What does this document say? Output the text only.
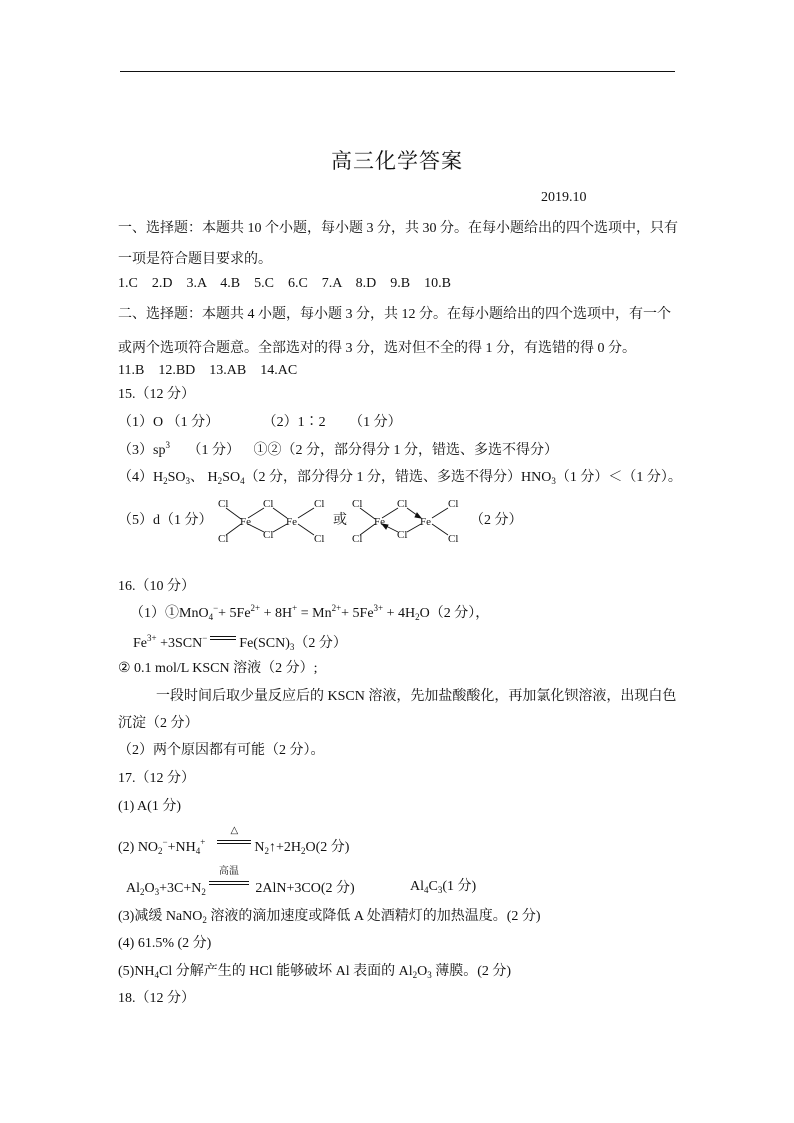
高三化学答案
2019.10
一、选择题：本题共 10 个小题，每小题 3 分，共 30 分。在每小题给出的四个选项中，只有
一项是符合题目要求的。
1.C    2.D    3.A    4.B    5.C    6.C    7.A    8.D    9.B    10.B
二、选择题：本题共 4 小题，每小题 3 分，共 12 分。在每小题给出的四个选项中，有一个
或两个选项符合题意。全部选对的得 3 分，选对但不全的得 1 分，有选错的得 0 分。
11.B    12.BD    13.AB    14.AC
15.（12 分）
（1）O （1 分）	（2）1∶2 （1 分）
$(3)sp^3$ （1 分） ①②（2 分，部分得分 1 分，错选、多选不得分）
$(4)H_2SO_3$、 $H_2SO_4(2$ 分，部分得分 1 分，错选、多选不得分）$HNO_3(1$ 分）＜（1 分）。
（5）d（1 分）	或	（2 分）
Cl	Cl	Cl
Fe	Fe
Cl
Cl	Cl
Cl	Cl	Cl
Fe	Fe
Cl
Cl	Cl
16.（10 分）
（1）①MnO$_4$−+ $5Fe^{2+} + 8H^+ = Mn^{2+}+ 5Fe^{3+} + 4H_2O(2$ 分），
$Fe^{3+} +3SCN^-$ $Fe(SCN)_3(2$ 分）
② 0.1 mol/L KSCN 溶液（2 分）;
一段时间后取少量反应后的 KSCN 溶液，先加盐酸酸化，再加氯化钡溶液，出现白色
沉淀（2 分）
（2）两个原因都有可能（2 分）。
17.（12 分）
(1) A(1 分)
(2) $NO_2^-+NH_4^+$
△
$N_2↑+2H_2O(2$ 分)
$Al_2O_3+3C+N_2$
高温
2AlN+3CO(2 分)	$Al_4C_3(1$ 分)
(3)减缓 NaNO$_2$ 溶液的滴加速度或降低 A 处酒精灯的加热温度。(2 分)
(4) 61.5% (2 分)
$(5)NH_4Cl$ 分解产生的 HCl 能够破坏 Al 表面的 $Al_2O_3$ 薄膜。(2 分)
18.（12 分）
